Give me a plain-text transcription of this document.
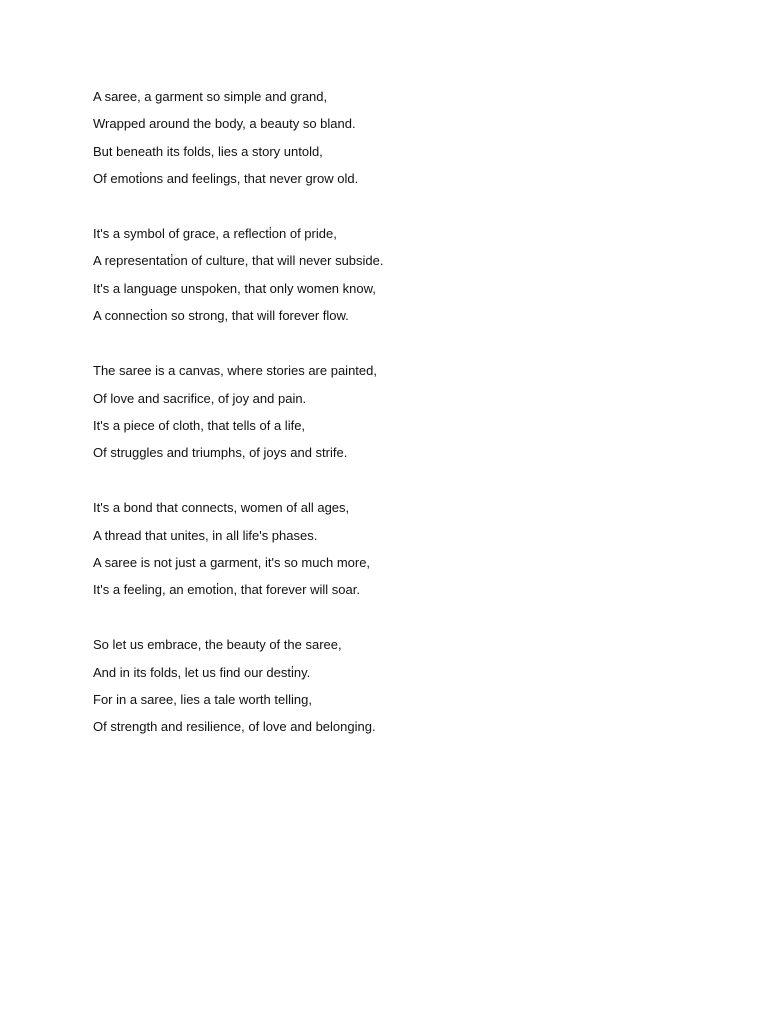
A saree, a garment so simple and grand,
Wrapped around the body, a beauty so bland.
But beneath its folds, lies a story untold,
Of emoti̇ons and feelings, that never grow old.
It's a symbol of grace, a reflecti̇on of pride,
A representati̇on of culture, that will never subside.
It's a language unspoken, that only women know,
A connecti̇on so strong, that will forever flow.
The saree is a canvas, where stories are painted,
Of love and sacrifice, of joy and pain.
It's a piece of cloth, that tells of a life,
Of struggles and triumphs, of joys and strife.
It's a bond that connects, women of all ages,
A thread that unites, in all life's phases.
A saree is not just a garment, it's so much more,
It's a feeling, an emoti̇on, that forever will soar.
So let us embrace, the beauty of the saree,
And in its folds, let us find our desti̇ny.
For in a saree, lies a tale worth telling,
Of strength and resilience, of love and belonging.
